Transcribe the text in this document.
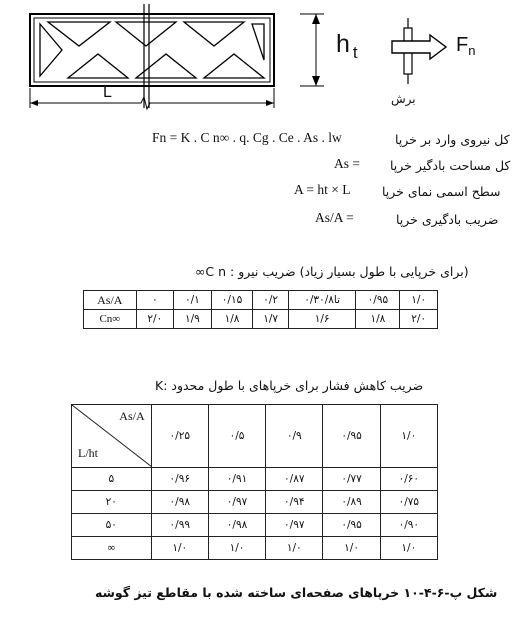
h $_t$	$F_n$
L	برش
Fn = K . C n∞ . q. Cg . Ce . As . lw	کل نیروی وارد بر خرپا
As = کل مساحت بادگیر خرپا
A = ht × L	سطح اسمی نمای خرپا
As/A =	ضریب بادگیری خرپا
(برای خرپایی با طول بسیار زیاد) ضریب نیرو : C n∞
As/A	۰	۰/۱	۰/۱۵	۰/۲	۰/۳تا۰/۸	۰/۹۵	۱/۰
Cn∞	۲/۰	۱/۹	۱/۸	۱/۷	۱/۶	۱/۸	۲/۰
ضریب کاهش فشار برای خرپاهای با طول محدود :K
As/A
L/ht	۰/۲۵	۰/۵	۰/۹	۰/۹۵	۱/۰
۵	۰/۹۶	۰/۹۱	۰/۸۷	۰/۷۷	۰/۶۰
۲۰	۰/۹۸	۰/۹۷	۰/۹۴	۰/۸۹	۰/۷۵
۵۰	۰/۹۹	۰/۹۸	۰/۹۷	۰/۹۵	۰/۹۰
∞	۱/۰	۱/۰	۱/۰	۱/۰	۱/۰
شکل پ-۶-۴-۱۰ خرپاهای صفحه‌ای ساخته شده با مقاطع تیز گوشه
